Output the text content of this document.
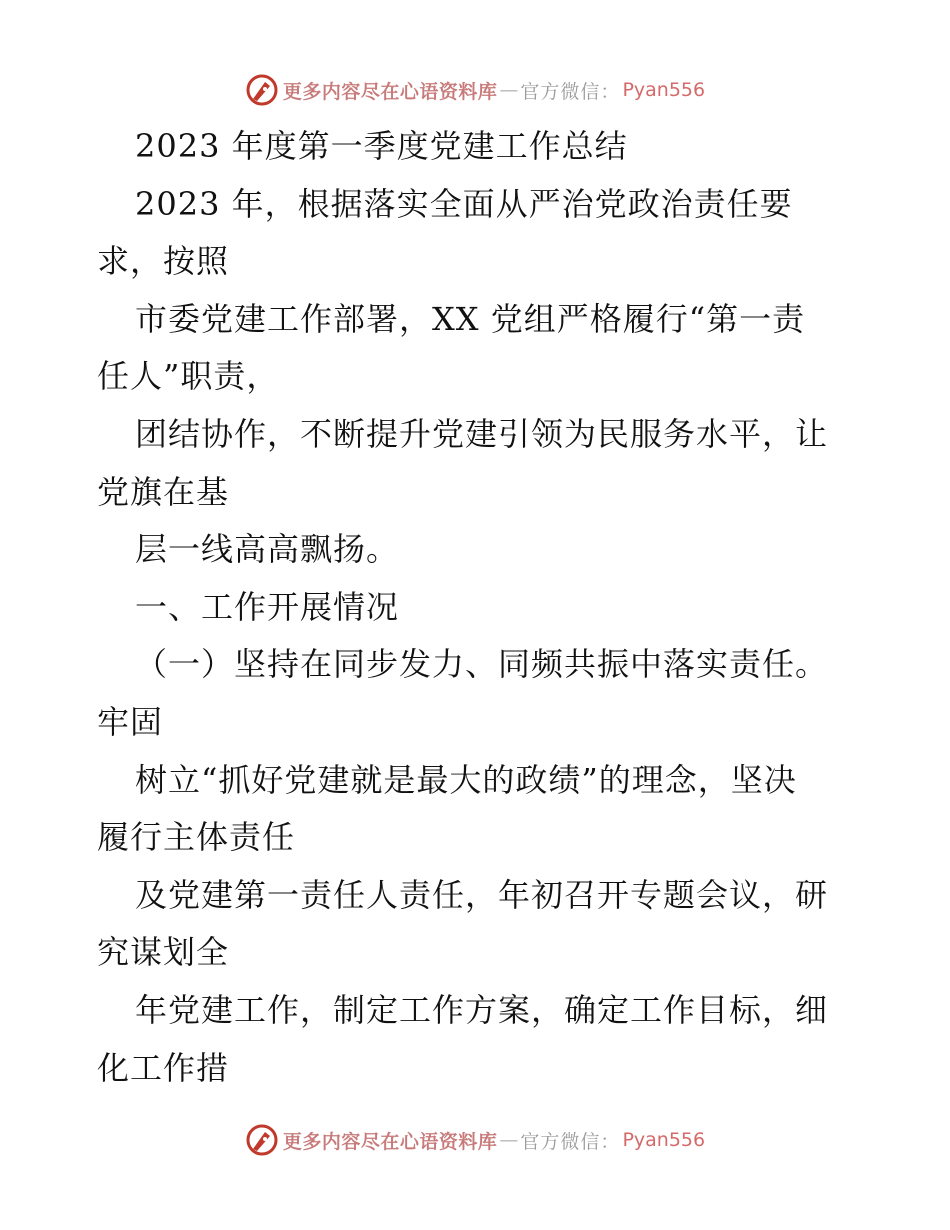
更多内容尽在心语资料库 — 官方微信： Pyan556
2023 年度第一季度党建工作总结
2023 年，根据落实全面从严治党政治责任要
求，按照
市委党建工作部署，XX 党组严格履行“第一责
任人”职责，
团结协作，不断提升党建引领为民服务水平，让
党旗在基
层一线高高飘扬。
一、工作开展情况
（一）坚持在同步发力、同频共振中落实责任。
牢固
树立“抓好党建就是最大的政绩”的理念，坚决
履行主体责任
及党建第一责任人责任，年初召开专题会议，研
究谋划全
年党建工作，制定工作方案，确定工作目标，细
化工作措
更多内容尽在心语资料库 — 官方微信： Pyan556
